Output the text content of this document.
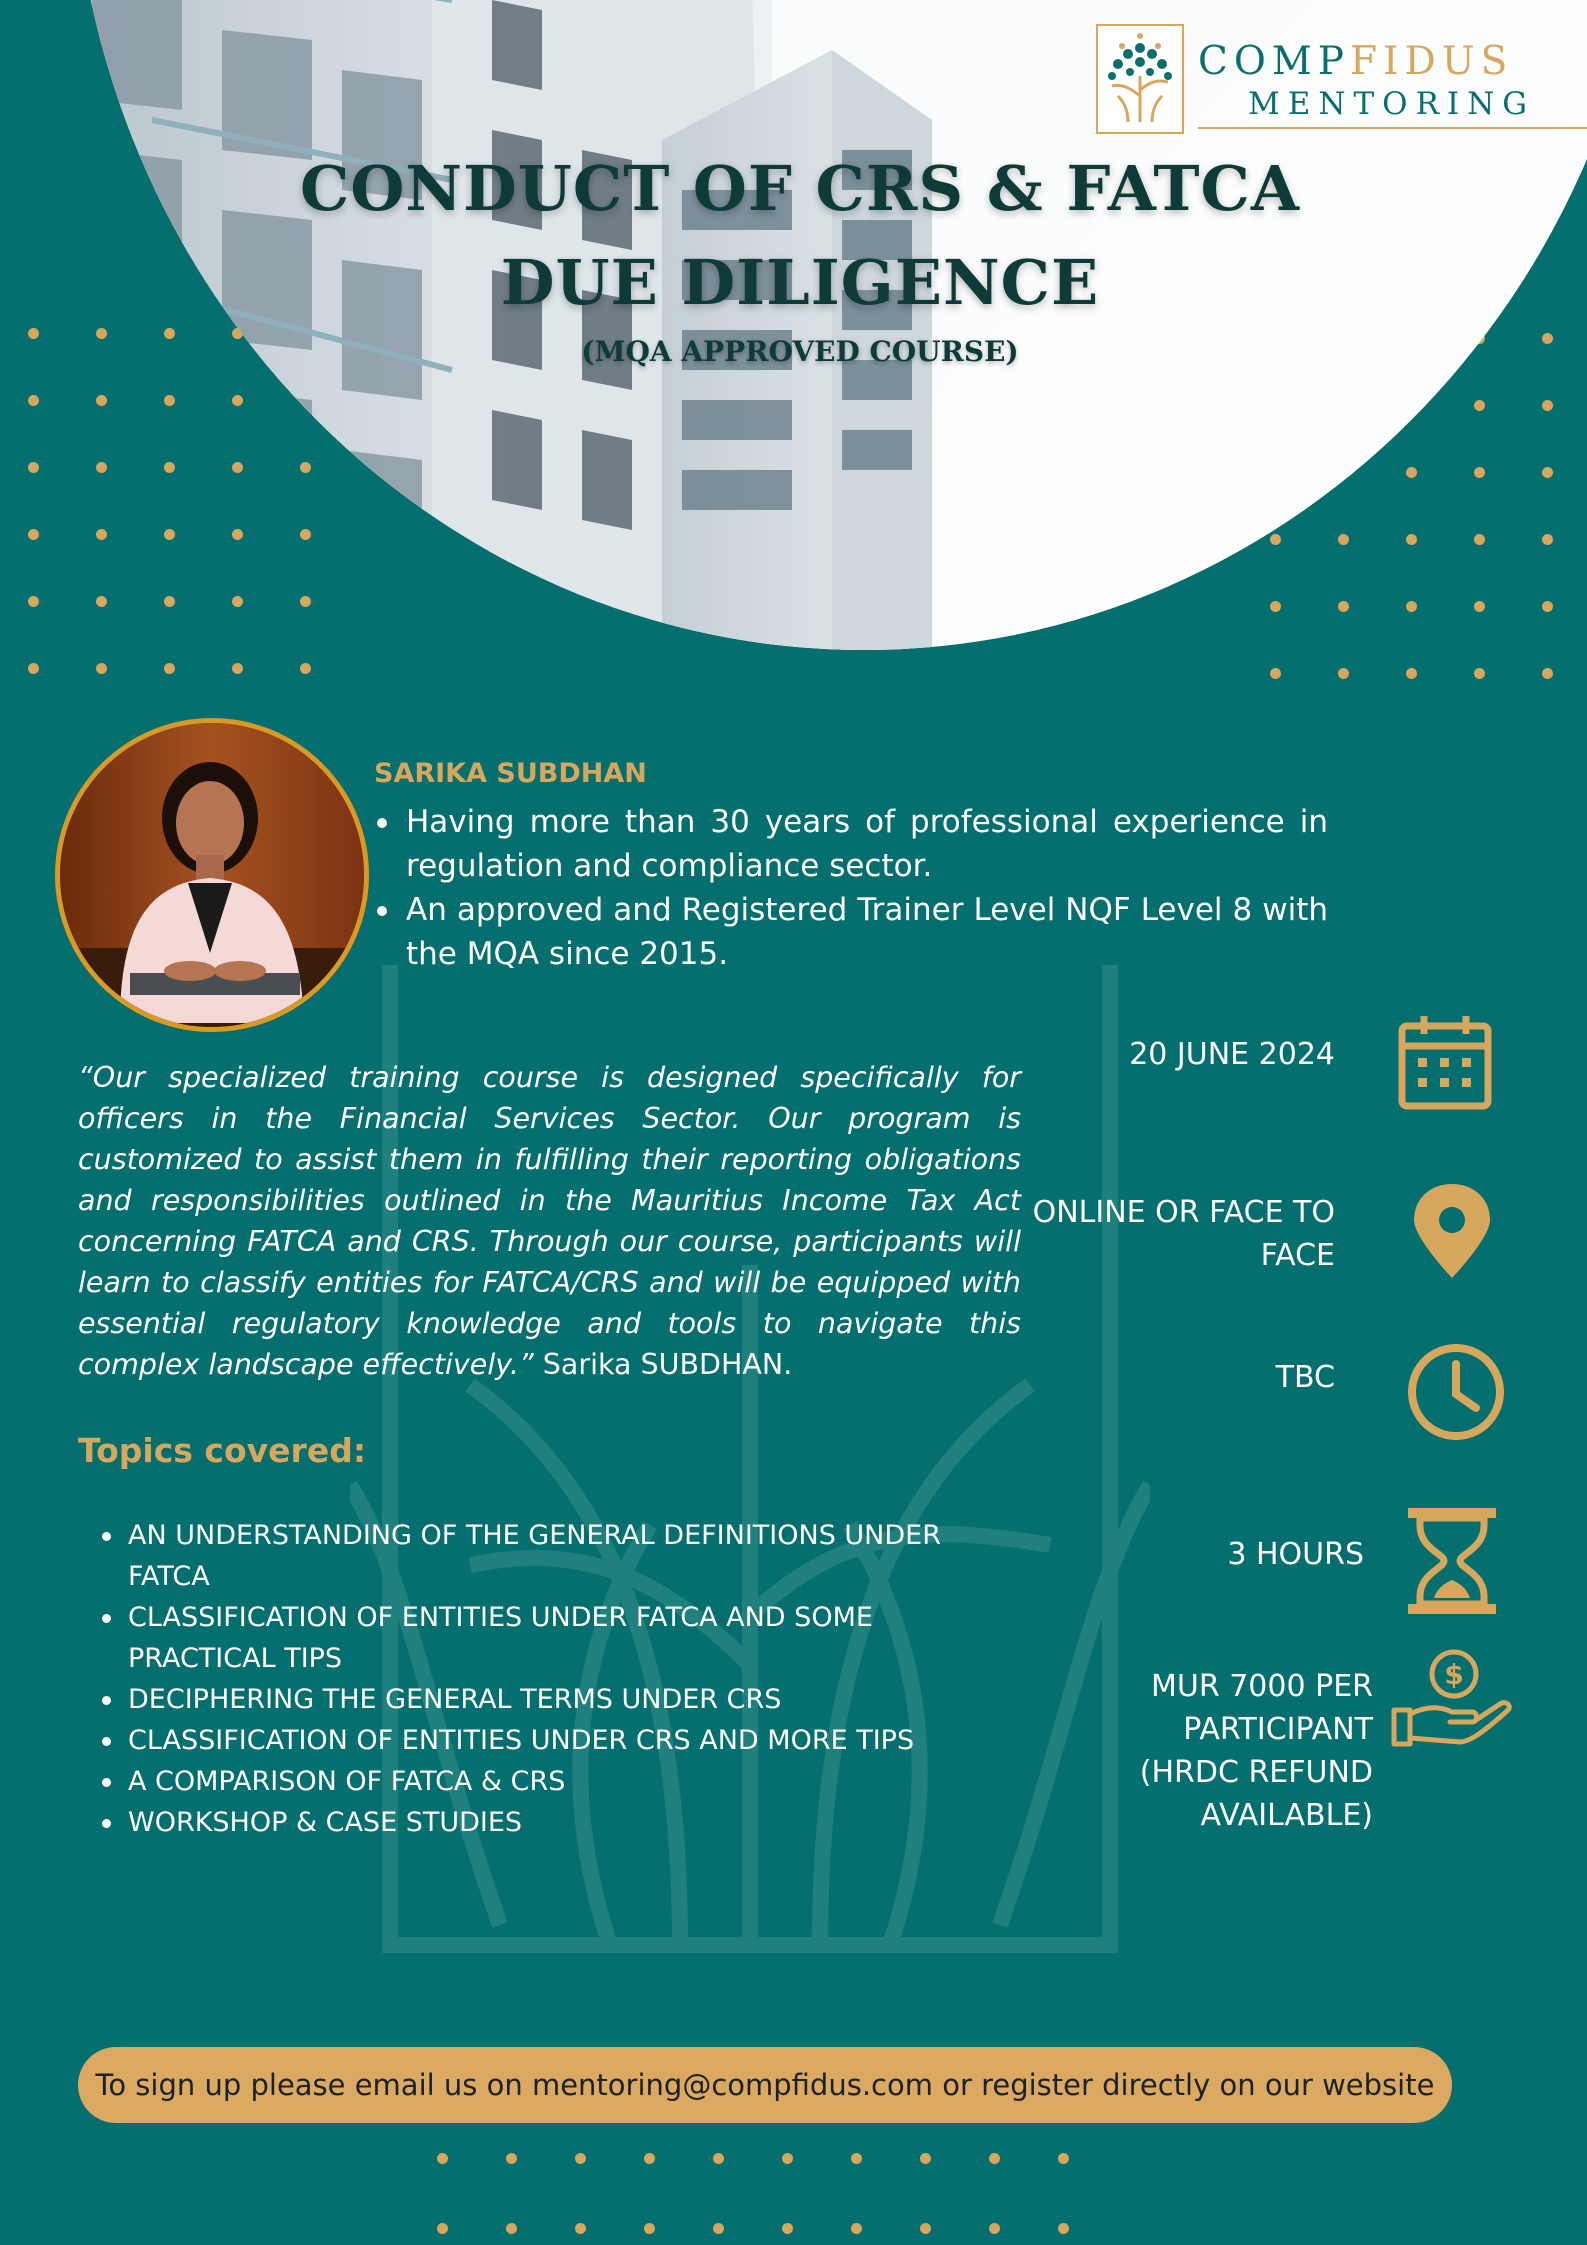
COMPFIDUS
MENTORING
CONDUCT OF CRS & FATCA
DUE DILIGENCE
(MQA APPROVED COURSE)
SARIKA SUBDHAN
Having more than 30 years of professional experience in regulation and compliance sector.
An approved and Registered Trainer Level NQF Level 8 with the MQA since 2015.
“Our specialized training course is designed specifically for officers in the Financial Services Sector. Our program is customized to assist them in fulfilling their reporting obligations and responsibilities outlined in the Mauritius Income Tax Act concerning FATCA and CRS. Through our course, participants will learn to classify entities for FATCA/CRS and will be equipped with essential regulatory knowledge and tools to navigate this complex landscape effectively.” Sarika SUBDHAN.
Topics covered:
AN UNDERSTANDING OF THE GENERAL DEFINITIONS UNDER FATCA
CLASSIFICATION OF ENTITIES UNDER FATCA AND SOME PRACTICAL TIPS
DECIPHERING THE GENERAL TERMS UNDER CRS
CLASSIFICATION OF ENTITIES UNDER CRS AND MORE TIPS
A COMPARISON OF FATCA & CRS
WORKSHOP & CASE STUDIES
20 JUNE 2024
ONLINE OR FACE TO
FACE
TBC
3 HOURS
MUR 7000 PER
PARTICIPANT
(HRDC REFUND
AVAILABLE)
$
To sign up please email us on mentoring@compfidus.com or register directly on our website
